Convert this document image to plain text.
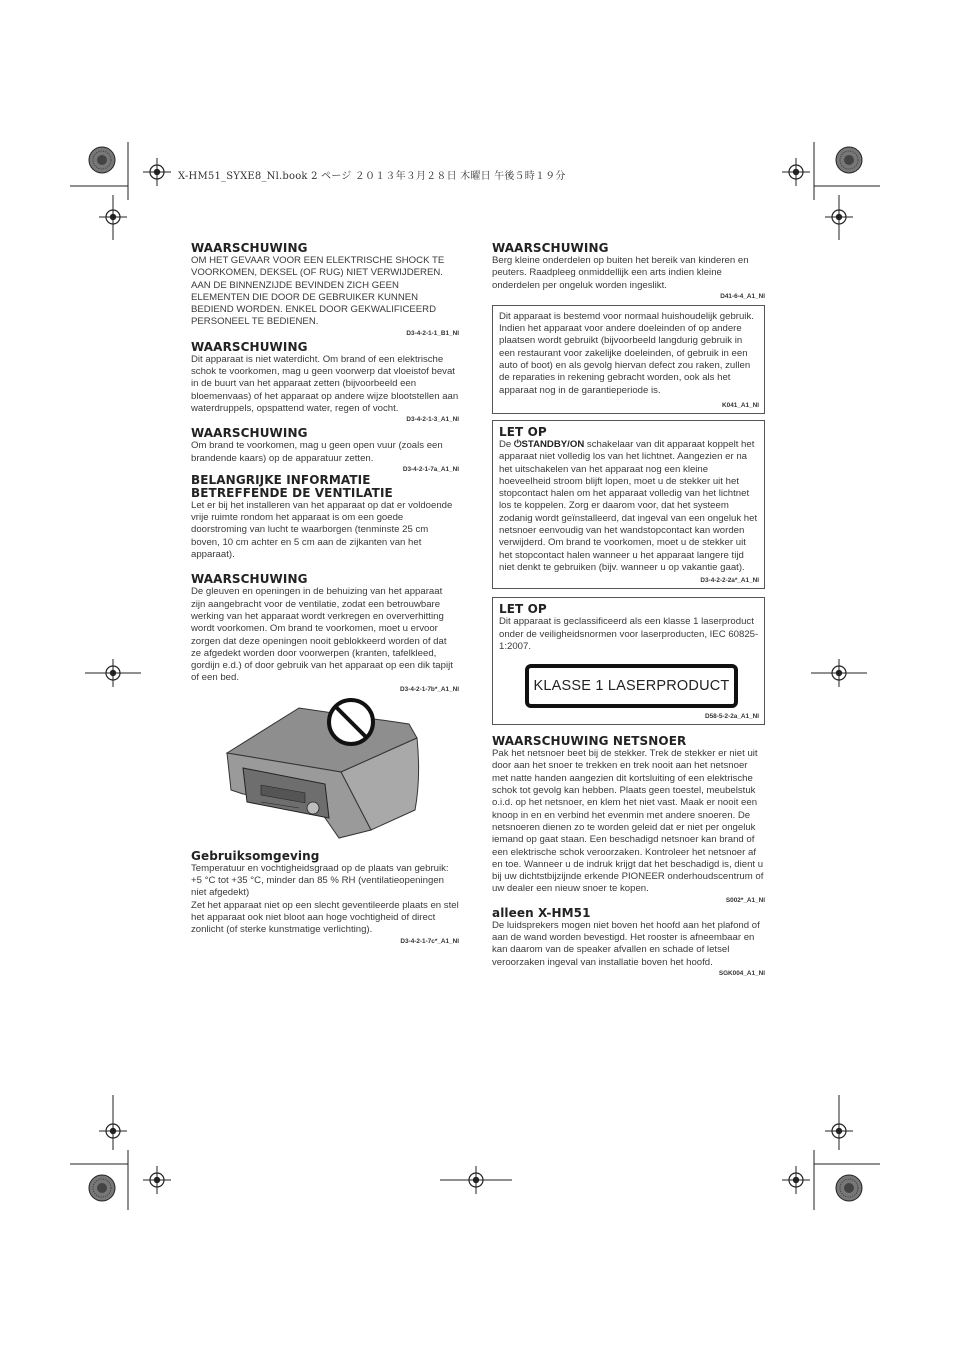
X-HM51_SYXE8_Nl.book 2 ページ ２０１３年３月２８日 木曜日 午後５時１９分
WAARSCHUWING

OM HET GEVAAR VOOR EEN ELEKTRISCHE SHOCK TE VOORKOMEN, DEKSEL (OF RUG) NIET VERWIJDEREN. AAN DE BINNENZIJDE BEVINDEN ZICH GEEN ELEMENTEN DIE DOOR DE GEBRUIKER KUNNEN BEDIEND WORDEN. ENKEL DOOR GEKWALIFICEERD PERSONEEL TE BEDIENEN.

D3-4-2-1-1_B1_Nl
WAARSCHUWING

Dit apparaat is niet waterdicht. Om brand of een elektrische schok te voorkomen, mag u geen voorwerp dat vloeistof bevat in de buurt van het apparaat zetten (bijvoorbeeld een bloemenvaas) of het apparaat op andere wijze blootstellen aan waterdruppels, opspattend water, regen of vocht.

D3-4-2-1-3_A1_Nl
WAARSCHUWING

Om brand te voorkomen, mag u geen open vuur (zoals een brandende kaars) op de apparatuur zetten.

D3-4-2-1-7a_A1_Nl
BELANGRIJKE INFORMATIE BETREFFENDE DE VENTILATIE

Let er bij het installeren van het apparaat op dat er voldoende vrije ruimte rondom het apparaat is om een goede doorstroming van lucht te waarborgen (tenminste 25 cm boven, 10 cm achter en 5 cm aan de zijkanten van het apparaat).

WAARSCHUWING

De gleuven en openingen in de behuizing van het apparaat zijn aangebracht voor de ventilatie, zodat een betrouwbare werking van het apparaat wordt verkregen en oververhitting wordt voorkomen. Om brand te voorkomen, moet u ervoor zorgen dat deze openingen nooit geblokkeerd worden of dat ze afgedekt worden door voorwerpen (kranten, tafelkleed, gordijn e.d.) of door gebruik van het apparaat op een dik tapijt of een bed.

D3-4-2-1-7b*_A1_Nl
Gebruiksomgeving

Temperatuur en vochtigheidsgraad op de plaats van gebruik:

+5 °C tot +35 °C, minder dan 85 % RH (ventilatieopeningen niet afgedekt)

Zet het apparaat niet op een slecht geventileerde plaats en stel het apparaat ook niet bloot aan hoge vochtigheid of direct zonlicht (of sterke kunstmatige verlichting).

D3-4-2-1-7c*_A1_Nl
WAARSCHUWING

Berg kleine onderdelen op buiten het bereik van kinderen en peuters. Raadpleeg onmiddellijk een arts indien kleine onderdelen per ongeluk worden ingeslikt.

D41-6-4_A1_Nl

Dit apparaat is bestemd voor normaal huishoudelijk gebruik. Indien het apparaat voor andere doeleinden of op andere plaatsen wordt gebruikt (bijvoorbeeld langdurig gebruik in een restaurant voor zakelijke doeleinden, of gebruik in een auto of boot) en als gevolg hiervan defect zou raken, zullen de reparaties in rekening gebracht worden, ook als het apparaat nog in de garantieperiode is.

K041_A1_Nl
LET OP

De ⏻STANDBY/ON schakelaar van dit apparaat koppelt het apparaat niet volledig los van het lichtnet. Aangezien er na het uitschakelen van het apparaat nog een kleine hoeveelheid stroom blijft lopen, moet u de stekker uit het stopcontact halen om het apparaat volledig van het lichtnet los te koppelen. Zorg er daarom voor, dat het systeem zodanig wordt geïnstalleerd, dat ingeval van een ongeluk het netsnoer eenvoudig van het wandstopcontact kan worden verwijderd. Om brand te voorkomen, moet u de stekker uit het stopcontact halen wanneer u het apparaat langere tijd niet denkt te gebruiken (bijv. wanneer u op vakantie gaat).

D3-4-2-2-2a*_A1_Nl
LET OP

Dit apparaat is geclassificeerd als een klasse 1 laserproduct onder de veiligheidsnormen voor laserproducten, IEC 60825-1:2007.

KLASSE 1 LASERPRODUCT
D58-5-2-2a_A1_Nl
WAARSCHUWING NETSNOER

Pak het netsnoer beet bij de stekker. Trek de stekker er niet uit door aan het snoer te trekken en trek nooit aan het netsnoer met natte handen aangezien dit kortsluiting of een elektrische schok tot gevolg kan hebben. Plaats geen toestel, meubelstuk o.i.d. op het netsnoer, en klem het niet vast. Maak er nooit een knoop in en en verbind het evenmin met andere snoeren. De netsnoeren dienen zo te worden geleid dat er niet per ongeluk iemand op gaat staan. Een beschadigd netsnoer kan brand of een elektrische schok veroorzaken. Kontroleer het netsnoer af en toe. Wanneer u de indruk krijgt dat het beschadigd is, dient u bij uw dichtstbijzijnde erkende PIONEER onderhoudscentrum of uw dealer een nieuw snoer te kopen.

S002*_A1_Nl
alleen X-HM51

De luidsprekers mogen niet boven het hoofd aan het plafond of aan de wand worden bevestigd. Het rooster is afneembaar en kan daarom van de speaker afvallen en schade of letsel veroorzaken ingeval van installatie boven het hoofd.

SGK004_A1_Nl
